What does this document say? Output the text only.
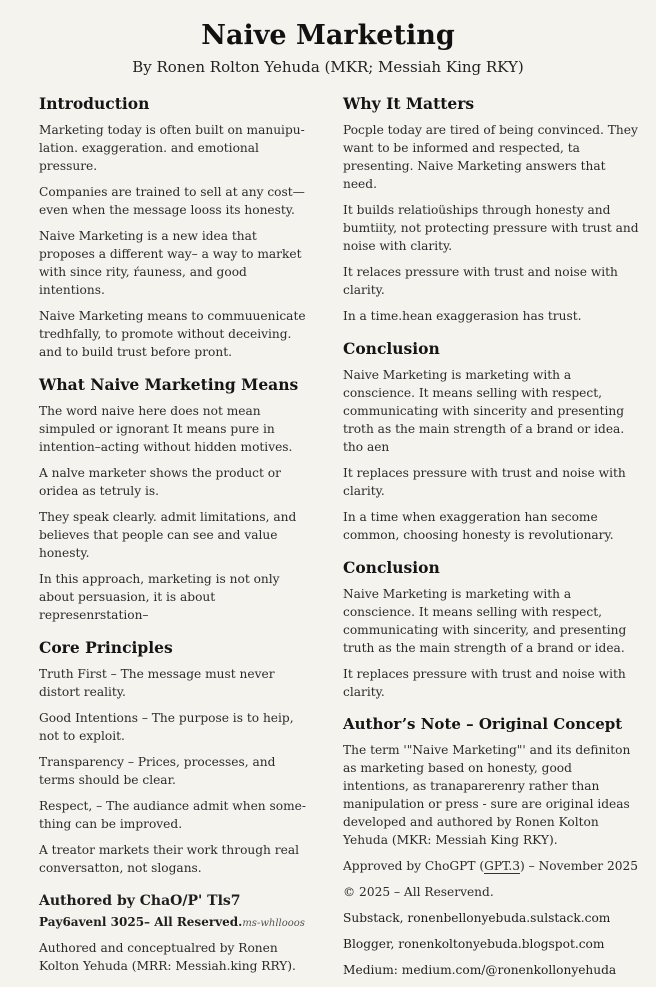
Naive Marketing
By Ronen Rolton Yehuda (MKR; Messiah King RKY)
Introduction

Marketing today is often built on manuipu-lation. exaggeration. and emotional pressure.

Companies are trained to sell at any cost— even when the message looss its honesty.

Naive Marketing is a new idea that proposes a different way– a way to market with since rity, ŕauness, and good intentions.

Naive Marketing means to commuuenicate tredhfally, to promote without deceiving. and to build trust before pront.

What Naive Marketing Means

The word naive here does not mean simpuled or ignorant It means pure in intention–acting without hidden motives.

A nalve marketer shows the product or oridea as tetruly is.

They speak clearly. admit limitations, and believes that people can see and value honesty.

In this approach, marketing is not only about persuasion, it is about represenrstation–

Core Principles

Truth First – The message must never distort reality.

Good Intentions – The purpose is to heip, not to exploit.

Transparency – Prices, processes, and terms should be clear.

Respect, – The audiance admit when some-thing can be improved.

A treator markets their work through real conversatton, not slogans.

Authored by ChaO/P' Tls7
Pay6avenl 3025– All Reserved.ms-whllooos

Authored and conceptualred by Ronen Kolton Yehuda (MRR: Messiah.king RRY).

Why It Matters

Pocple today are tired of being convinced. They want to be informed and respected, ta presenting. Naive Marketing answers that need.

It builds relatioüships through honesty and bumtiity, not protecting pressure with trust and noise with clarity.

It relaces pressure with trust and noise with clarity.

In a time.hean exaggerasion has trust.

Conclusion

Naive Marketing is marketing with a conscience. It means selling with respect, communicating with sincerity and presenting troth as the main strength of a brand or idea. tho aen

It replaces pressure with trust and noise with clarity.

In a time when exaggeration han secome common, choosing honesty is revolutionary.

Conclusion

Naive Marketing is marketing with a conscience. It means selling with respect, communicating with sincerity, and presenting truth as the main strength of a brand or idea.

It replaces pressure with trust and noise with clarity.

Author’s Note – Original Concept

The term '"Naive Marketing"' and its definiton as marketing based on honesty, good intentions, as tranaparerenry rather than manipulation or press - sure are original ideas developed and authored by Ronen Kolton Yehuda (MKR: Messiah King RKY).

Approved by ChoGPT (GPT.3) – November 2025

© 2025 – All Reservend.

Substack, ronenbellonyebuda.sulstack.com
Blogger, ronenkoltonyebuda.blogspot.com
Medium: medium.com/@ronenkollonyehuda
